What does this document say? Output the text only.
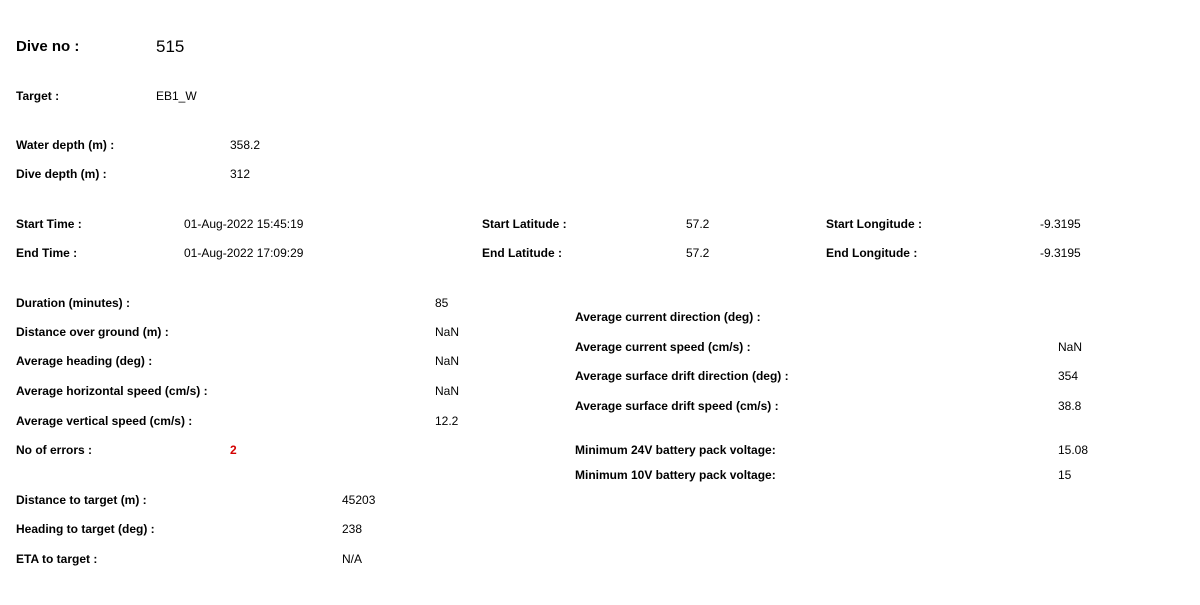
Dive no :	515
Target :	EB1_W
Water depth (m) :	358.2
Dive depth (m) :	312
Start Time :	01-Aug-2022 15:45:19
End Time :	01-Aug-2022 17:09:29
Start Latitude :	57.2
End Latitude :	57.2
Start Longitude :	-9.3195
End Longitude :	-9.3195
Duration (minutes) :	85
Distance over ground (m) :	NaN
Average heading (deg) :	NaN
Average horizontal speed (cm/s) :	NaN
Average vertical speed (cm/s) :	12.2
No of errors :	2
Average current direction (deg) :
Average current speed (cm/s) :	NaN
Average surface drift direction (deg) :	354
Average surface drift speed (cm/s) :	38.8
Minimum 24V battery pack voltage:	15.08
Minimum 10V battery pack voltage:	15
Distance to target (m) :	45203
Heading to target (deg) :	238
ETA to target :	N/A
